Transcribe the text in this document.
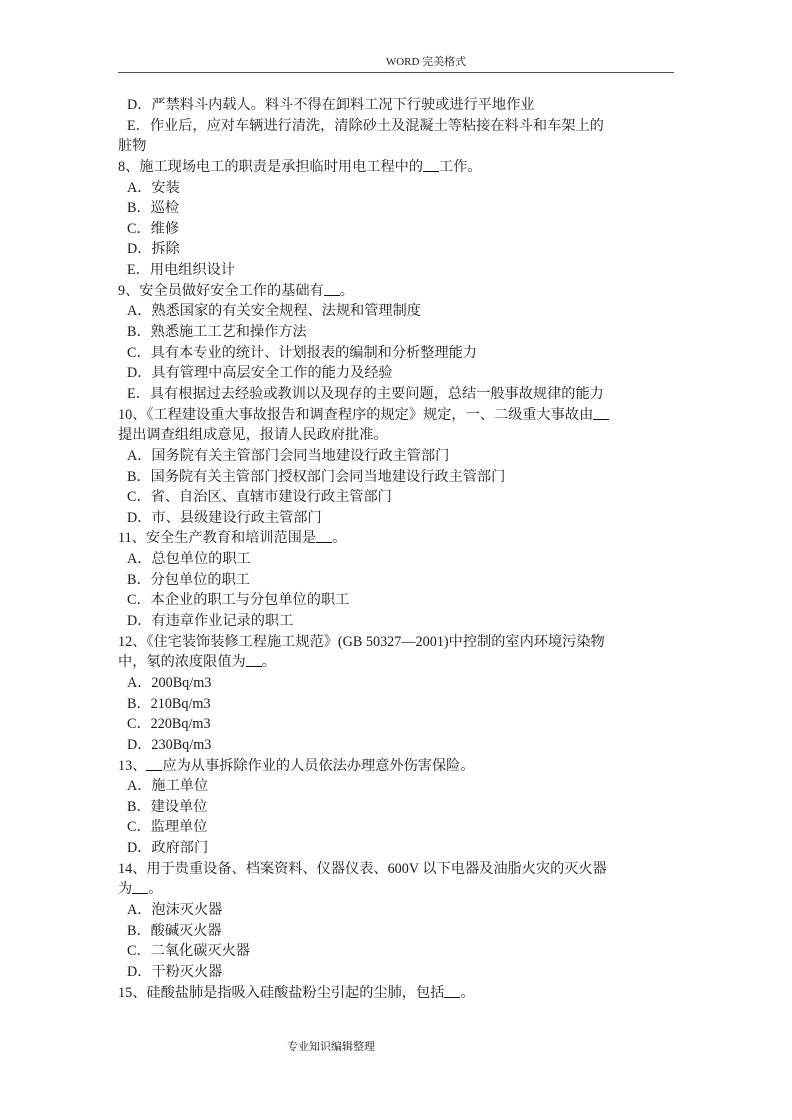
WORD 完美格式
D．严禁料斗内载人。料斗不得在卸料工况下行驶或进行平地作业
E．作业后，应对车辆进行清洗，清除砂土及混凝土等粘接在料斗和车架上的
脏物
8、施工现场电工的职责是承担临时用电工程中的 工作。
A．安装
B．巡检
C．维修
D．拆除
E．用电组织设计
9、安全员做好安全工作的基础有 。
A．熟悉国家的有关安全规程、法规和管理制度
B．熟悉施工工艺和操作方法
C．具有本专业的统计、计划报表的编制和分析整理能力
D．具有管理中高层安全工作的能力及经验
E．具有根据过去经验或教训以及现存的主要问题，总结一般事故规律的能力
10、《工程建设重大事故报告和调查程序的规定》规定，一、二级重大事故由
提出调查组组成意见，报请人民政府批准。
A．国务院有关主管部门会同当地建设行政主管部门
B．国务院有关主管部门授权部门会同当地建设行政主管部门
C．省、自治区、直辖市建设行政主管部门
D．市、县级建设行政主管部门
11、安全生产教育和培训范围是 。
A．总包单位的职工
B．分包单位的职工
C．本企业的职工与分包单位的职工
D．有违章作业记录的职工
12、《住宅装饰装修工程施工规范》(GB 50327—2001)中控制的室内环境污染物
中，氡的浓度限值为 。
A．200Bq/m3
B．210Bq/m3
C．220Bq/m3
D．230Bq/m3
13、 应为从事拆除作业的人员依法办理意外伤害保险。
A．施工单位
B．建设单位
C．监理单位
D．政府部门
14、用于贵重设备、档案资料、仪器仪表、600V 以下电器及油脂火灾的灭火器
为 。
A．泡沫灭火器
B．酸碱灭火器
C．二氧化碳灭火器
D．干粉灭火器
15、硅酸盐肺是指吸入硅酸盐粉尘引起的尘肺，包括 。
专业知识编辑整理
